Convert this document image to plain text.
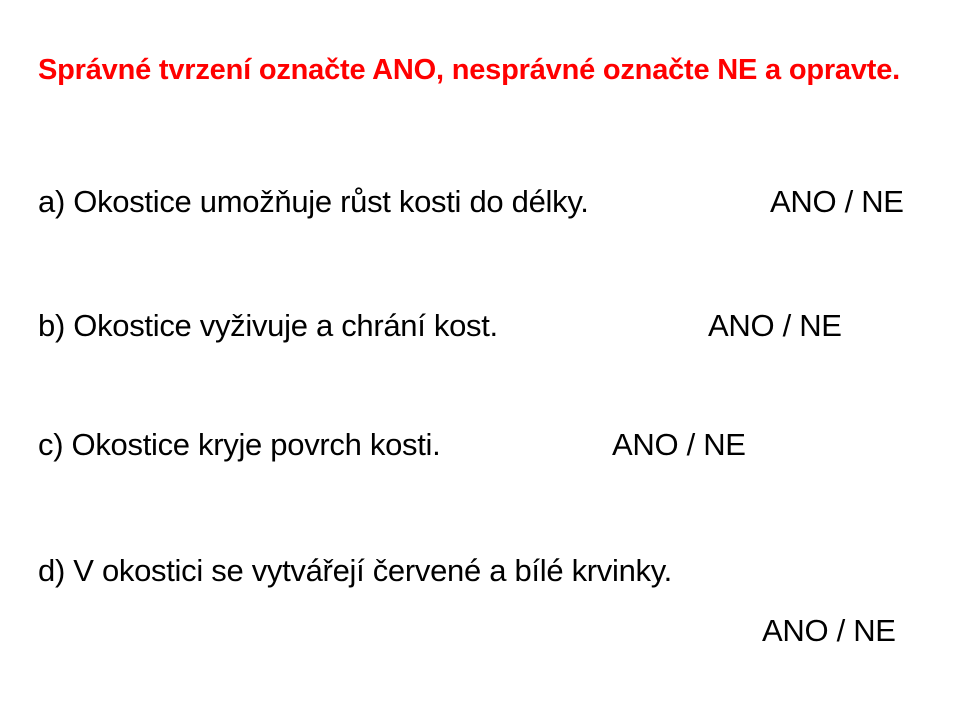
Správné tvrzení označte ANO, nesprávné označte NE a opravte.
a) Okostice umožňuje růst kosti do délky.	ANO / NE
b) Okostice vyživuje a chrání kost.	ANO / NE
c) Okostice kryje povrch kosti.	ANO / NE
d) V okostici se vytvářejí červené a bílé krvinky.
ANO / NE
